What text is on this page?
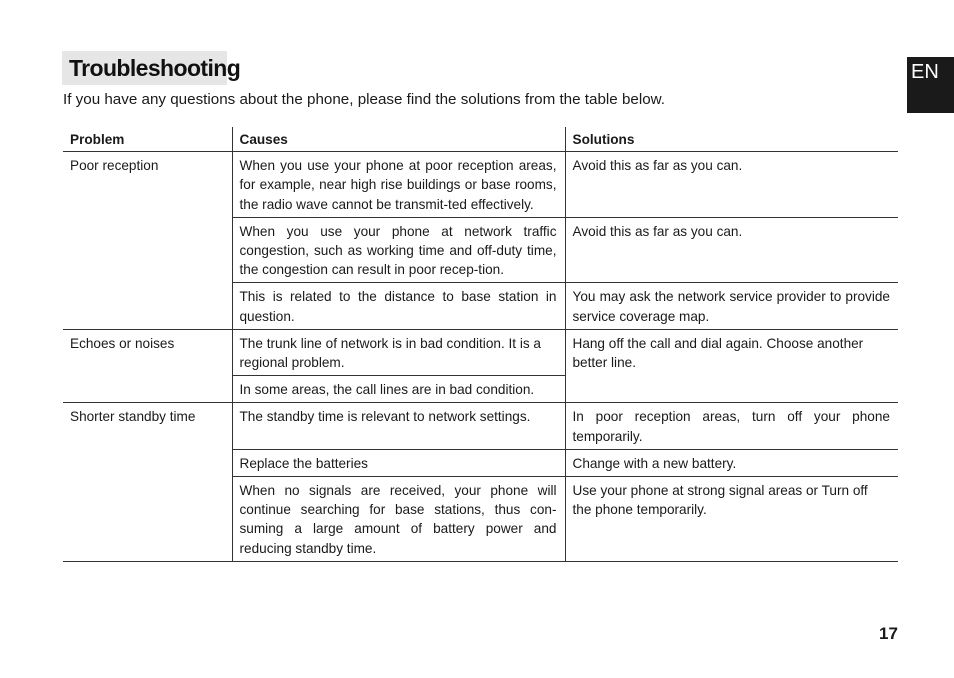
Troubleshooting	EN
If you have any questions about the phone, please find the solutions from the table below.
Problem	Causes	Solutions
Poor reception	When you use your phone at poor reception areas, for example, near high rise buildings or base rooms, the radio wave cannot be transmit-ted effectively.	Avoid this as far as you can.
	When you use your phone at network traffic congestion, such as working time and off-duty time, the congestion can result in poor recep-tion.	Avoid this as far as you can.
	This is related to the distance to base station in question.	You may ask the network service provider to provide service coverage map.
Echoes or noises	The trunk line of network is in bad condition. It is a regional problem.	Hang off the call and dial again. Choose another better line.
	In some areas, the call lines are in bad condition.	
Shorter standby time	The standby time is relevant to network settings.	In poor reception areas, turn off your phone temporarily.
	Replace the batteries	Change with a new battery.
	When no signals are received, your phone will continue searching for base stations, thus con-suming a large amount of battery power and reducing standby time.	Use your phone at strong signal areas or Turn off the phone temporarily.
17
